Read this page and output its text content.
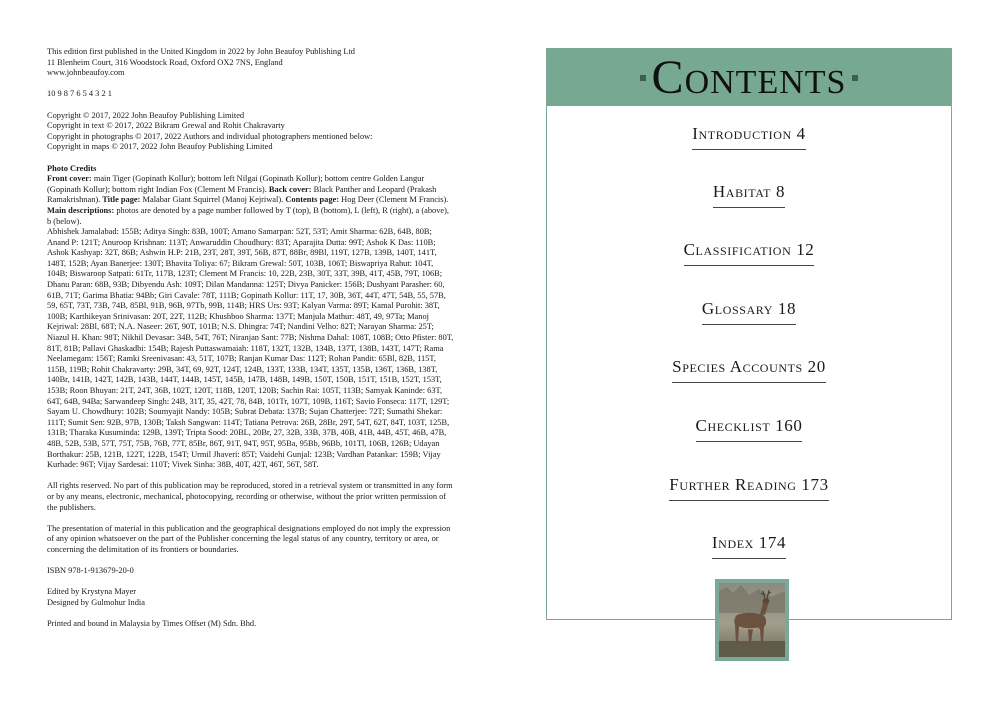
This edition first published in the United Kingdom in 2022 by John Beaufoy Publishing Ltd

11 Blenheim Court, 316 Woodstock Road, Oxford OX2 7NS, England

www.johnbeaufoy.com

10 9 8 7 6 5 4 3 2 1

Copyright © 2017, 2022 John Beaufoy Publishing Limited

Copyright in text © 2017, 2022 Bikram Grewal and Rohit Chakravarty

Copyright in photographs © 2017, 2022 Authors and individual photographers mentioned below:

Copyright in maps © 2017, 2022 John Beaufoy Publishing Limited

Photo Credits

Front cover: main Tiger (Gopinath Kollur); bottom left Nilgai (Gopinath Kollur); bottom centre Golden Langur (Gopinath Kollur); bottom right Indian Fox (Clement M Francis). Back cover: Black Panther and Leopard (Prakash Ramakrishnan). Title page: Malabar Giant Squirrel (Manoj Kejriwal). Contents page: Hog Deer (Clement M Francis). Main descriptions: photos are denoted by a page number followed by T (top), B (bottom), L (left), R (right), a (above), b (below).

Abhishek Jamalabad: 155B; Aditya Singh: 83B, 100T; Amano Samarpan: 52T, 53T; Amit Sharma: 62B, 64B, 80B; Anand P: 121T; Anuroop Krishnan: 113T; Anwaruddin Choudhury: 83T; Aparajita Dutta: 99T; Ashok K Das: 110B; Ashok Kashyap: 32T, 86B; Ashwin H.P: 21B, 23T, 28T, 39T, 56B, 87T, 88Br, 89Bl, 119T, 127B, 139B, 140T, 141T, 148T, 152B; Ayan Banerjee: 130T; Bhavita Toliya: 67; Bikram Grewal: 50T, 103B, 106T; Biswapriya Rahut: 104T, 104B; Biswaroop Satpati: 61Tr, 117B, 123T; Clement M Francis: 10, 22B, 23B, 30T, 33T, 39B, 41T, 45B, 79T, 106B; Dhanu Paran: 68B, 93B; Dibyendu Ash: 109T; Dilan Mandanna: 125T; Divya Panicker: 156B; Dushyant Parasher: 60, 61B, 71T; Garima Bhatia: 94Bb; Giri Cavale: 78T, 111B; Gopinath Kollur: 11T, 17, 30B, 36T, 44T, 47T, 54B, 55, 57B, 59, 65T, 73T, 73B, 74B, 85Bl, 91B, 96B, 97Tb, 99B, 114B; HRS Urs: 93T; Kalyan Varma: 89T; Kamal Purohit: 38T, 100B; Karthikeyan Srinivasan: 20T, 22T, 112B; Khushboo Sharma: 137T; Manjula Mathur: 48T, 49, 97Ta; Manoj Kejriwal: 28Bl, 68T; N.A. Naseer: 26T, 90T, 101B; N.S. Dhingra: 74T; Nandini Velho: 82T; Narayan Sharma: 25T; Niazul H. Khan: 98T; Nikhil Devasar: 34B, 54T, 76T; Niranjan Sant: 77B; Nishma Dahal: 108T, 108B; Otto Pfister: 80T, 81T, 81B; Pallavi Ghaskadbi: 154B; Rajesh Puttaswamaiah: 118T, 132T, 132B, 134B, 137T, 138B, 143T, 147T; Rama Neelamegam: 156T; Ramki Sreenivasan: 43, 51T, 107B; Ranjan Kumar Das: 112T; Rohan Pandit: 65Bl, 82B, 115T, 115B, 119B; Rohit Chakravarty: 29B, 34T, 69, 92T, 124T, 124B, 133T, 133B, 134T, 135T, 135B, 136T, 136B, 138T, 140Br, 141B, 142T, 142B, 143B, 144T, 144B, 145T, 145B, 147B, 148B, 149B, 150T, 150B, 151T, 151B, 152T, 153T, 153B; Roon Bhuyan: 21T, 24T, 36B, 102T, 120T, 118B, 120T, 120B; Sachin Rai: 105T, 113B; Samyak Kaninde: 63T, 64T, 64B, 94Ba; Sarwandeep Singh: 24B, 31T, 35, 42T, 78, 84B, 101Tr, 107T, 109B, 116T; Savio Fonseca: 117T, 129T; Sayam U. Chowdhury: 102B; Soumyajit Nandy: 105B; Subrat Debata: 137B; Sujan Chatterjee: 72T; Sumathi Shekar: 111T; Sumit Sen: 92B, 97B, 130B; Taksh Sangwan: 114T; Tatiana Petrova: 26B, 28Br, 29T, 54T, 62T, 84T, 103T, 125B, 131B; Tharaka Kusuminda: 129B, 139T; Tripta Sood: 20BL, 20Br, 27, 32B, 33B, 37B, 40B, 41B, 44B, 45T, 46B, 47B, 48B, 52B, 53B, 57T, 75T, 75B, 76B, 77T, 85Br, 86T, 91T, 94T, 95T, 95Ba, 95Bb, 96Bb, 101Tl, 106B, 126B; Udayan Borthakur: 25B, 121B, 122T, 122B, 154T; Urmil Jhaveri: 85T; Vaidehi Gunjal: 123B; Vardhan Patankar: 159B; Vijay Kurhade: 96T; Vijay Sardesai: 110T; Vivek Sinha: 38B, 40T, 42T, 46T, 56T, 58T.

All rights reserved. No part of this publication may be reproduced, stored in a retrieval system or transmitted in any form or by any means, electronic, mechanical, photocopying, recording or otherwise, without the prior written permission of the publishers.

The presentation of material in this publication and the geographical designations employed do not imply the expression of any opinion whatsoever on the part of the Publisher concerning the legal status of any country, territory or area, or concerning the delimitation of its frontiers or boundaries.

ISBN 978-1-913679-20-0

Edited by Krystyna Mayer

Designed by Gulmohur India

Printed and bound in Malaysia by Times Offset (M) Sdn. Bhd.

Contents
Introduction 4
Habitat 8
Classification 12
Glossary 18
Species Accounts 20
Checklist 160
Further Reading 173
Index 174
